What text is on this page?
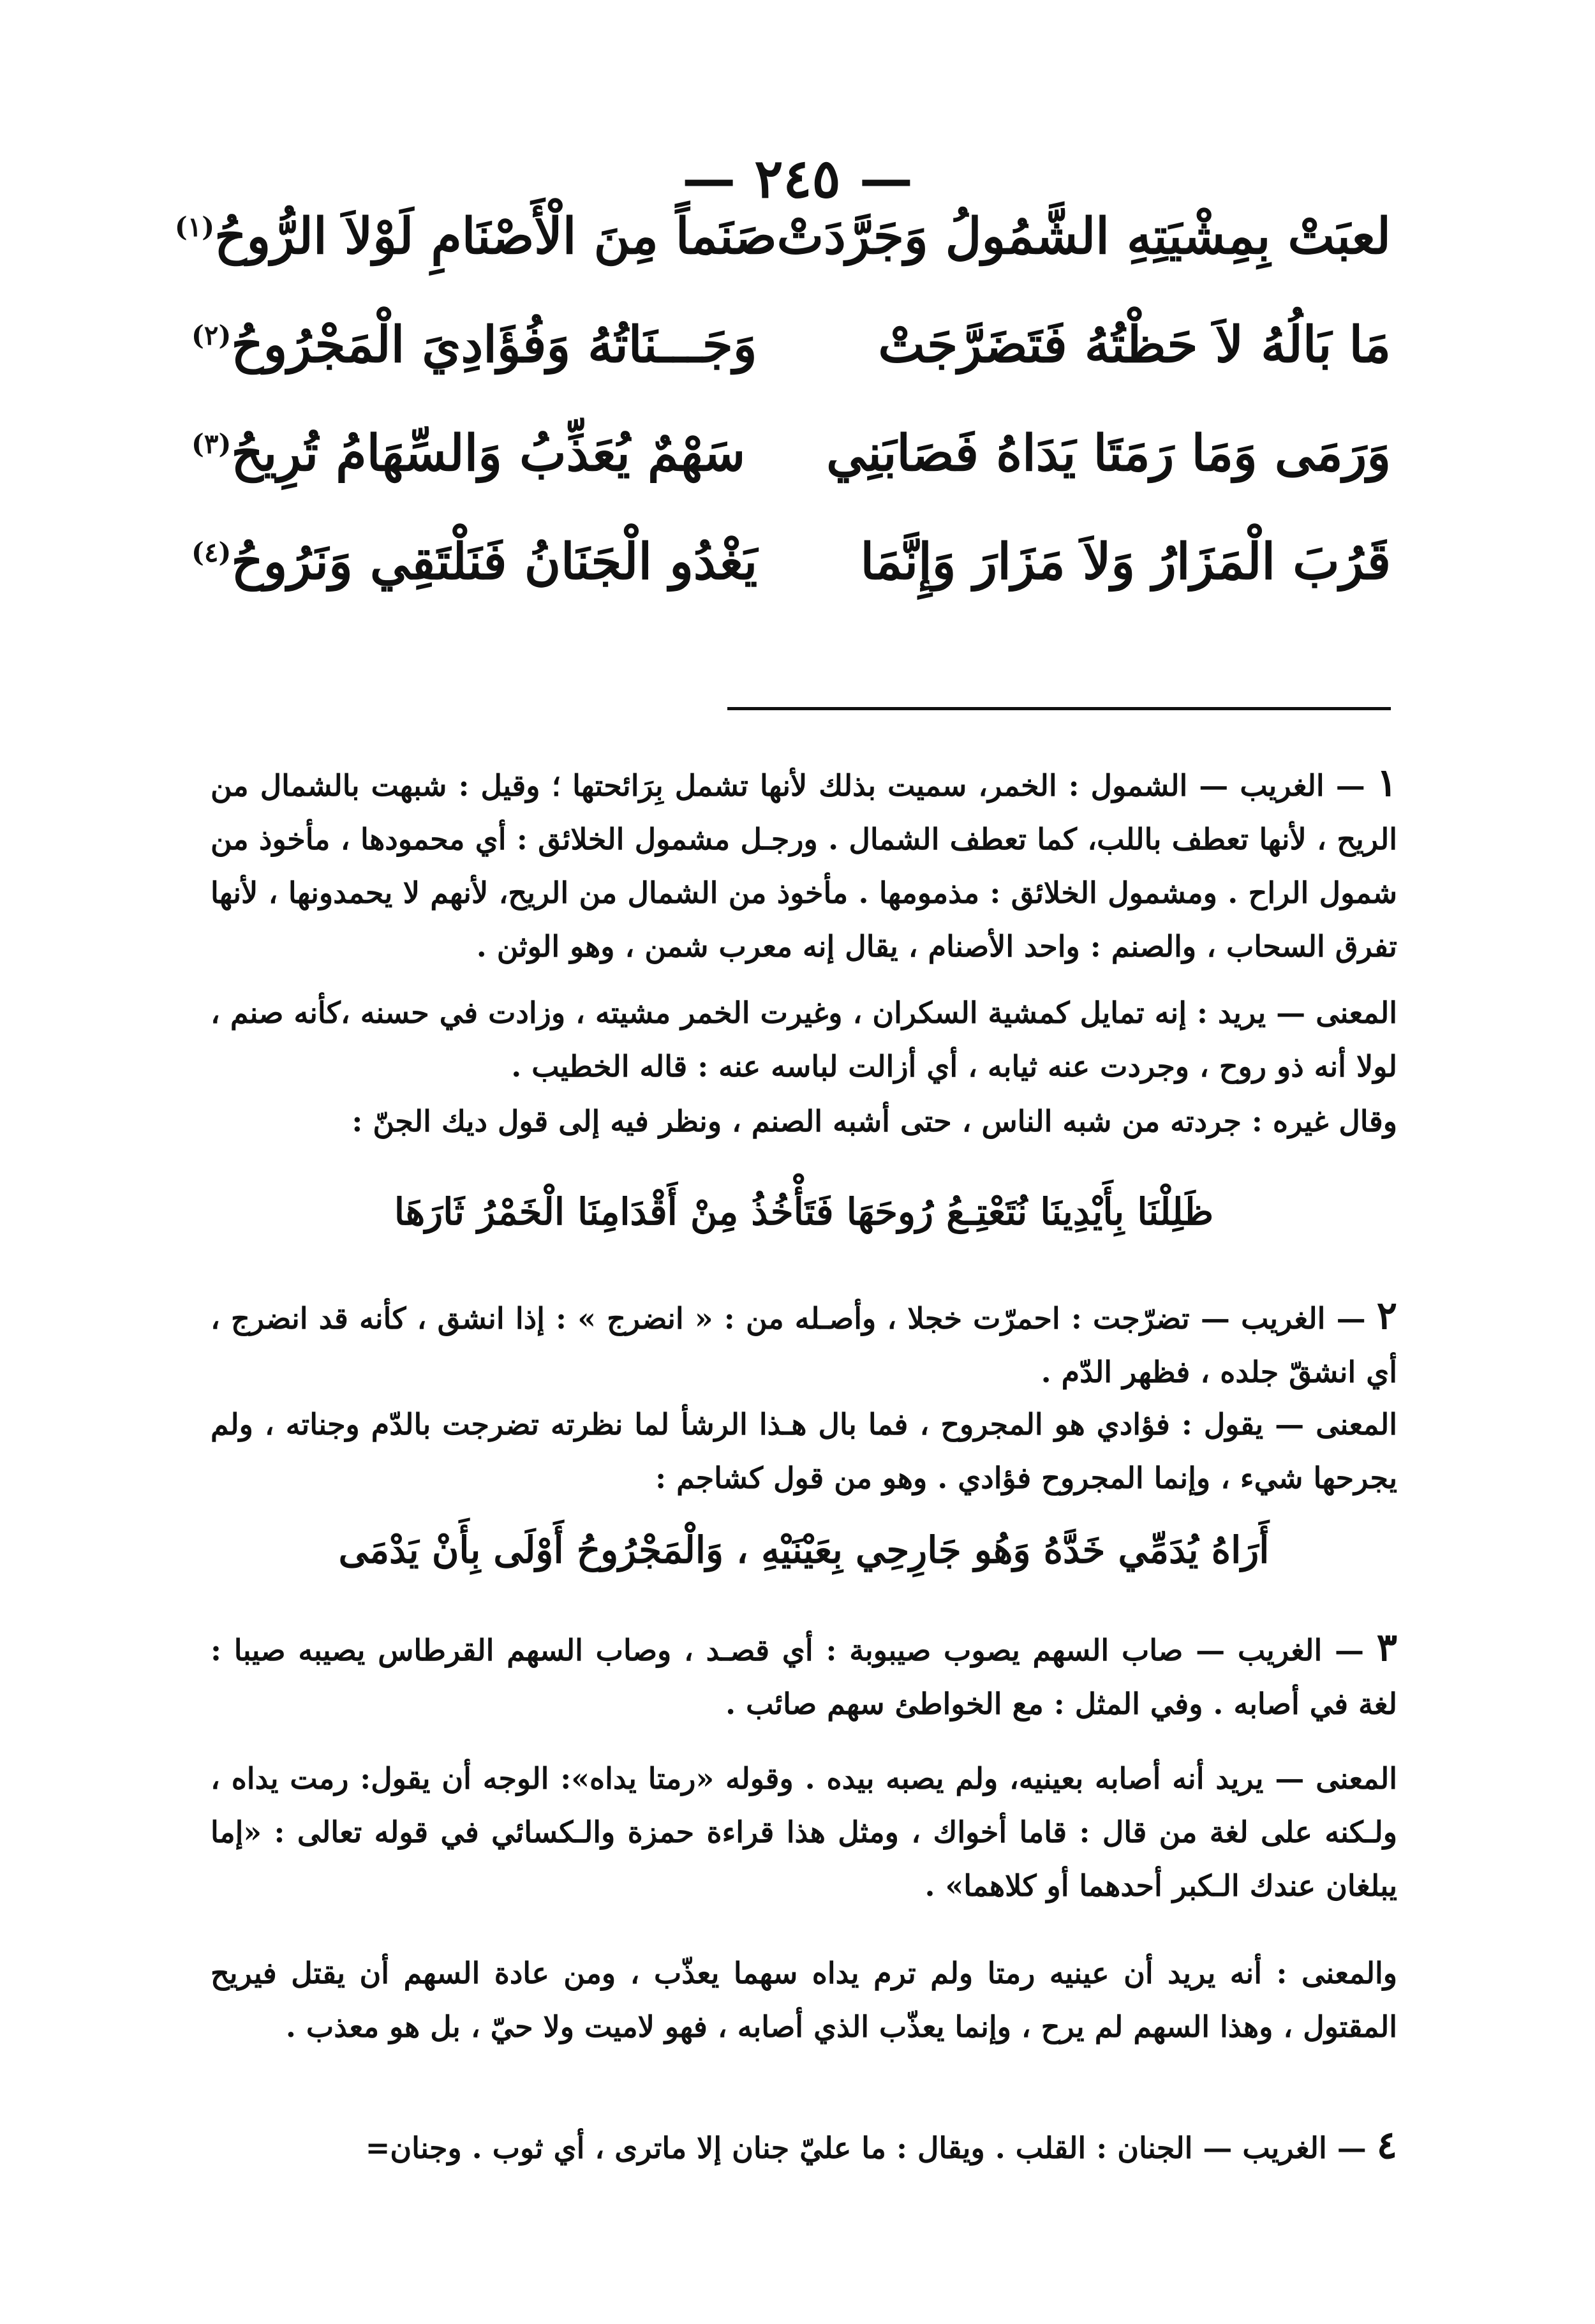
— ٢٤٥ —
لعبَتْ بِمِشْيَتِهِ الشَّمُولُ وَجَرَّدَتْ
صَنَماً مِنَ الْأَصْنَامِ لَوْلاَ الرُّوحُ$^{(١)}$
مَا بَالُهُ لاَ حَظْتُهُ فَتَضَرَّجَتْ
وَجَـــنَاتُهُ وَفُؤَادِيَ الْمَجْرُوحُ$^{(٢)}$
وَرَمَى وَمَا رَمَتَا يَدَاهُ فَصَابَنِي
سَهْمٌ يُعَذِّبُ وَالسِّهَامُ تُرِيحُ$^{(٣)}$
قَرُبَ الْمَزَارُ وَلاَ مَزَارَ وَإِنَّمَا
يَغْدُو الْجَنَانُ فَنَلْتَقِي وَنَرُوحُ$^{(٤)}$
١ — الغريب — الشمول : الخمر، سميت بذلك لأنها تشمل بِرَائحتها ؛ وقيل : شبهت بالشمال من الريح ، لأنها تعطف باللب، كما تعطف الشمال . ورجـل مشمول الخلائق : أي محمودها ، مأخوذ من شمول الراح . ومشمول الخلائق : مذمومها . مأخوذ من الشمال من الريح، لأنهم لا يحمدونها ، لأنها تفرق السحاب ، والصنم : واحد الأصنام ، يقال إنه معرب شمن ، وهو الوثن .
المعنى — يريد : إنه تمايل كمشية السكران ، وغيرت الخمر مشيته ، وزادت في حسنه ،كأنه صنم ، لولا أنه ذو روح ، وجردت عنه ثيابه ، أي أزالت لباسه عنه : قاله الخطيب .
وقال غيره : جردته من شبه الناس ، حتى أشبه الصنم ، ونظر فيه إلى قول ديك الجنّ :
ظَلِلْنَا بِأَيْدِينَا نُتَعْتِـعُ رُوحَهَا فَتَأْخُذُ مِنْ أَقْدَامِنَا الْخَمْرُ ثَارَهَا
٢ — الغريب — تضرّجت : احمرّت خجلا ، وأصـله من : « انضرج » : إذا انشق ، كأنه قد انضرج ، أي انشقّ جلده ، فظهر الدّم .
المعنى — يقول : فؤادي هو المجروح ، فما بال هـذا الرشأ لما نظرته تضرجت بالدّم وجناته ، ولم يجرحها شيء ، وإنما المجروح فؤادي . وهو من قول كشاجم :
أَرَاهُ يُدَمِّي خَدَّهُ وَهُو جَارِحِي بِعَيْنَيْهِ ، وَالْمَجْرُوحُ أَوْلَى بِأَنْ يَدْمَى
٣ — الغريب — صاب السهم يصوب صيبوبة : أي قصـد ، وصاب السهم القرطاس يصيبه صيبا : لغة في أصابه . وفي المثل : مع الخواطئ سهم صائب .
المعنى — يريد أنه أصابه بعينيه، ولم يصبه بيده . وقوله «رمتا يداه»: الوجه أن يقول: رمت يداه ، ولـكنه على لغة من قال : قاما أخواك ، ومثل هذا قراءة حمزة والـكسائي في قوله تعالى : «إما يبلغان عندك الـكبر أحدهما أو كلاهما» .
والمعنى : أنه يريد أن عينيه رمتا ولم ترم يداه سهما يعذّب ، ومن عادة السهم أن يقتل فيريح المقتول ، وهذا السهم لم يرح ، وإنما يعذّب الذي أصابه ، فهو لاميت ولا حيّ ، بل هو معذب .
٤ — الغريب — الجنان : القلب . ويقال : ما عليّ جنان إلا ماترى ، أي ثوب . وجنان=
